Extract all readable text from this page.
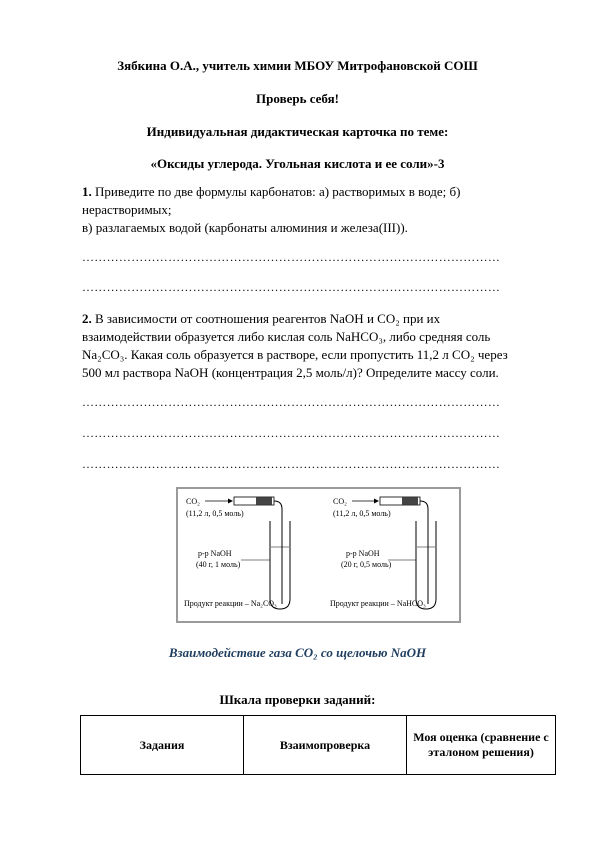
Зябкина О.А., учитель химии МБОУ Митрофановской СОШ
Проверь себя!
Индивидуальная дидактическая карточка по теме:
«Оксиды углерода. Угольная кислота и ее соли»-3
1. Приведите по две формулы карбонатов: а) растворимых в воде; б) нерастворимых;
в) разлагаемых водой (карбонаты алюминия и железа(III)).
…………………………………………………………………………………………
…………………………………………………………………………………………
2. В зависимости от соотношения реагентов NaOH и CO₂ при их взаимодействии образуется либо кислая соль NaHCO₃, либо средняя соль Na₂CO₃. Какая соль образуется в растворе, если пропустить 11,2 л CO₂ через 500 мл раствора NaOH (концентрация 2,5 моль/л)? Определите массу соли.
…………………………………………………………………………………………
…………………………………………………………………………………………
…………………………………………………………………………………………
CO₂
(11,2 л, 0,5 моль)
р-р NaOH
(40 г, 1 моль)
Продукт реакции – Na₂CO₃
CO₂
(11,2 л, 0,5 моль)
р-р NaOH
(20 г, 0,5 моль)
Продукт реакции – NaHCO₃
Взаимодействие газа CO₂ со щелочью NaOH
Шкала проверки заданий:
Задания	Взаимопроверка	Моя оценка (сравнение с эталоном решения)
